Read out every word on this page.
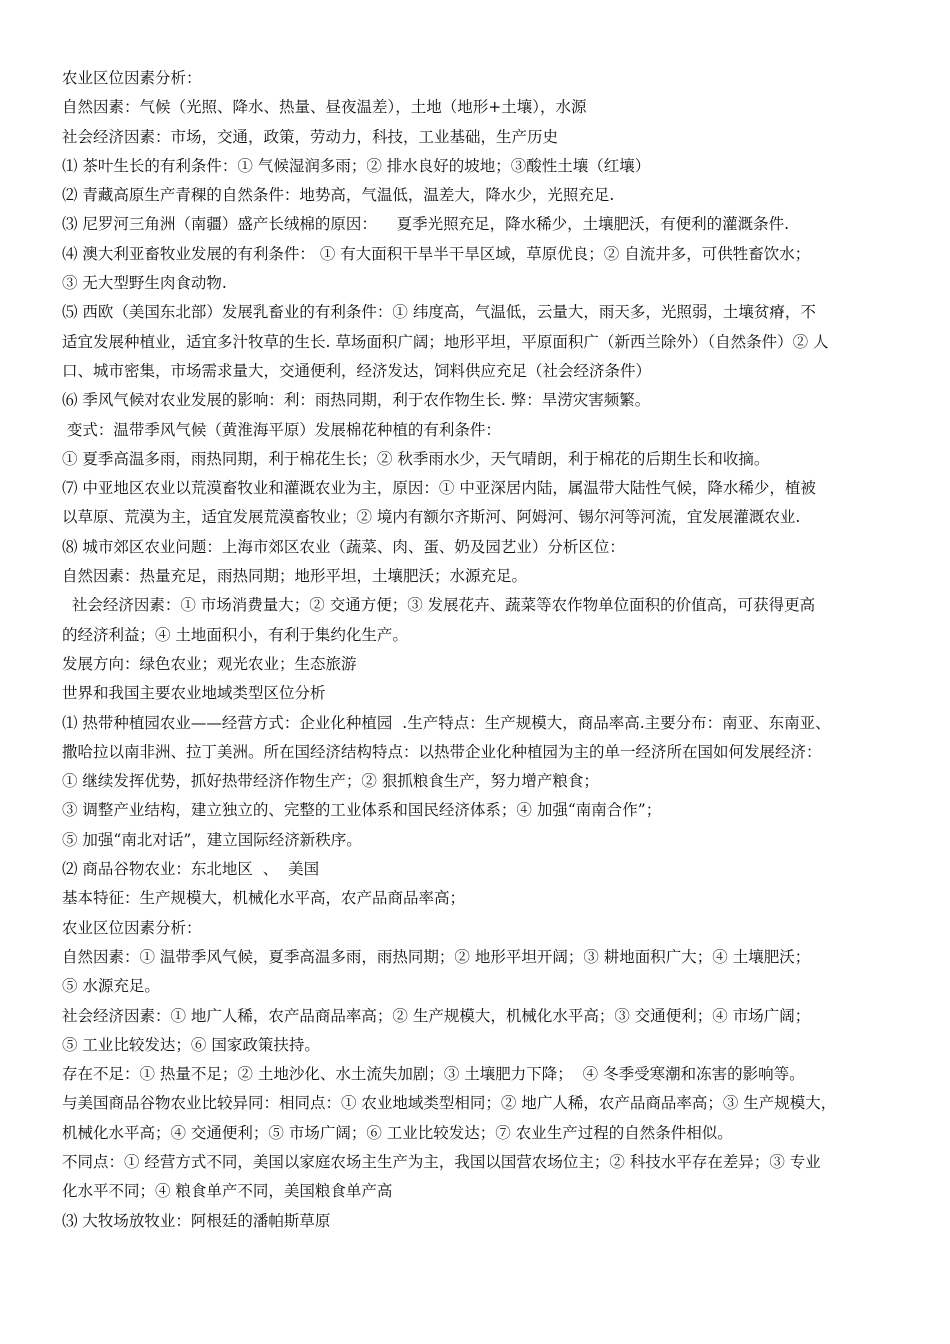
农业区位因素分析：
自然因素：气候（光照、降水、热量、昼夜温差），土地（地形+土壤），水源
社会经济因素：市场，交通，政策，劳动力，科技，工业基础，生产历史
⑴ 茶叶生长的有利条件：① 气候湿润多雨；② 排水良好的坡地；③酸性土壤（红壤）
⑵ 青藏高原生产青稞的自然条件：地势高，气温低，温差大，降水少，光照充足.
⑶ 尼罗河三角洲（南疆）盛产长绒棉的原因：    夏季光照充足，降水稀少，土壤肥沃，有便利的灌溉条件.
⑷ 澳大利亚畜牧业发展的有利条件： ① 有大面积干旱半干旱区域，草原优良；② 自流井多，可供牲畜饮水；
③ 无大型野生肉食动物.
⑸ 西欧（美国东北部）发展乳畜业的有利条件：① 纬度高，气温低，云量大，雨天多，光照弱，土壤贫瘠，不
适宜发展种植业，适宜多汁牧草的生长. 草场面积广阔；地形平坦，平原面积广（新西兰除外）（自然条件）② 人
口、城市密集，市场需求量大，交通便利，经济发达，饲料供应充足（社会经济条件）
⑹ 季风气候对农业发展的影响：利：雨热同期，利于农作物生长. 弊：旱涝灾害频繁。
变式：温带季风气候（黄淮海平原）发展棉花种植的有利条件：
① 夏季高温多雨，雨热同期，利于棉花生长；② 秋季雨水少，天气晴朗，利于棉花的后期生长和收摘。
⑺ 中亚地区农业以荒漠畜牧业和灌溉农业为主，原因：① 中亚深居内陆，属温带大陆性气候，降水稀少，植被
以草原、荒漠为主，适宜发展荒漠畜牧业；② 境内有额尔齐斯河、阿姆河、锡尔河等河流，宜发展灌溉农业.
⑻ 城市郊区农业问题：上海市郊区农业（蔬菜、肉、蛋、奶及园艺业）分析区位：
自然因素：热量充足，雨热同期；地形平坦，土壤肥沃；水源充足。
社会经济因素：① 市场消费量大；② 交通方便；③ 发展花卉、蔬菜等农作物单位面积的价值高，可获得更高
的经济利益；④ 土地面积小，有利于集约化生产。
发展方向：绿色农业；观光农业；生态旅游
世界和我国主要农业地域类型区位分析
⑴ 热带种植园农业——经营方式：企业化种植园  .生产特点：生产规模大，商品率高.主要分布：南亚、东南亚、
撒哈拉以南非洲、拉丁美洲。所在国经济结构特点：以热带企业化种植园为主的单一经济所在国如何发展经济：
① 继续发挥优势，抓好热带经济作物生产；② 狠抓粮食生产，努力增产粮食；
③ 调整产业结构，建立独立的、完整的工业体系和国民经济体系；④ 加强“南南合作”；
⑤ 加强“南北对话”，建立国际经济新秩序。
⑵ 商品谷物农业：东北地区  、  美国
基本特征：生产规模大，机械化水平高，农产品商品率高；
农业区位因素分析：
自然因素：① 温带季风气候，夏季高温多雨，雨热同期；② 地形平坦开阔；③ 耕地面积广大；④ 土壤肥沃；
⑤ 水源充足。
社会经济因素：① 地广人稀，农产品商品率高；② 生产规模大，机械化水平高；③ 交通便利；④ 市场广阔；
⑤ 工业比较发达；⑥ 国家政策扶持。
存在不足：① 热量不足；② 土地沙化、水土流失加剧；③ 土壤肥力下降；  ④ 冬季受寒潮和冻害的影响等。
与美国商品谷物农业比较异同：相同点：① 农业地域类型相同；② 地广人稀，农产品商品率高；③ 生产规模大，
机械化水平高；④ 交通便利；⑤ 市场广阔；⑥ 工业比较发达；⑦ 农业生产过程的自然条件相似。
不同点：① 经营方式不同，美国以家庭农场主生产为主，我国以国营农场位主；② 科技水平存在差异；③ 专业
化水平不同；④ 粮食单产不同，美国粮食单产高
⑶ 大牧场放牧业：阿根廷的潘帕斯草原
